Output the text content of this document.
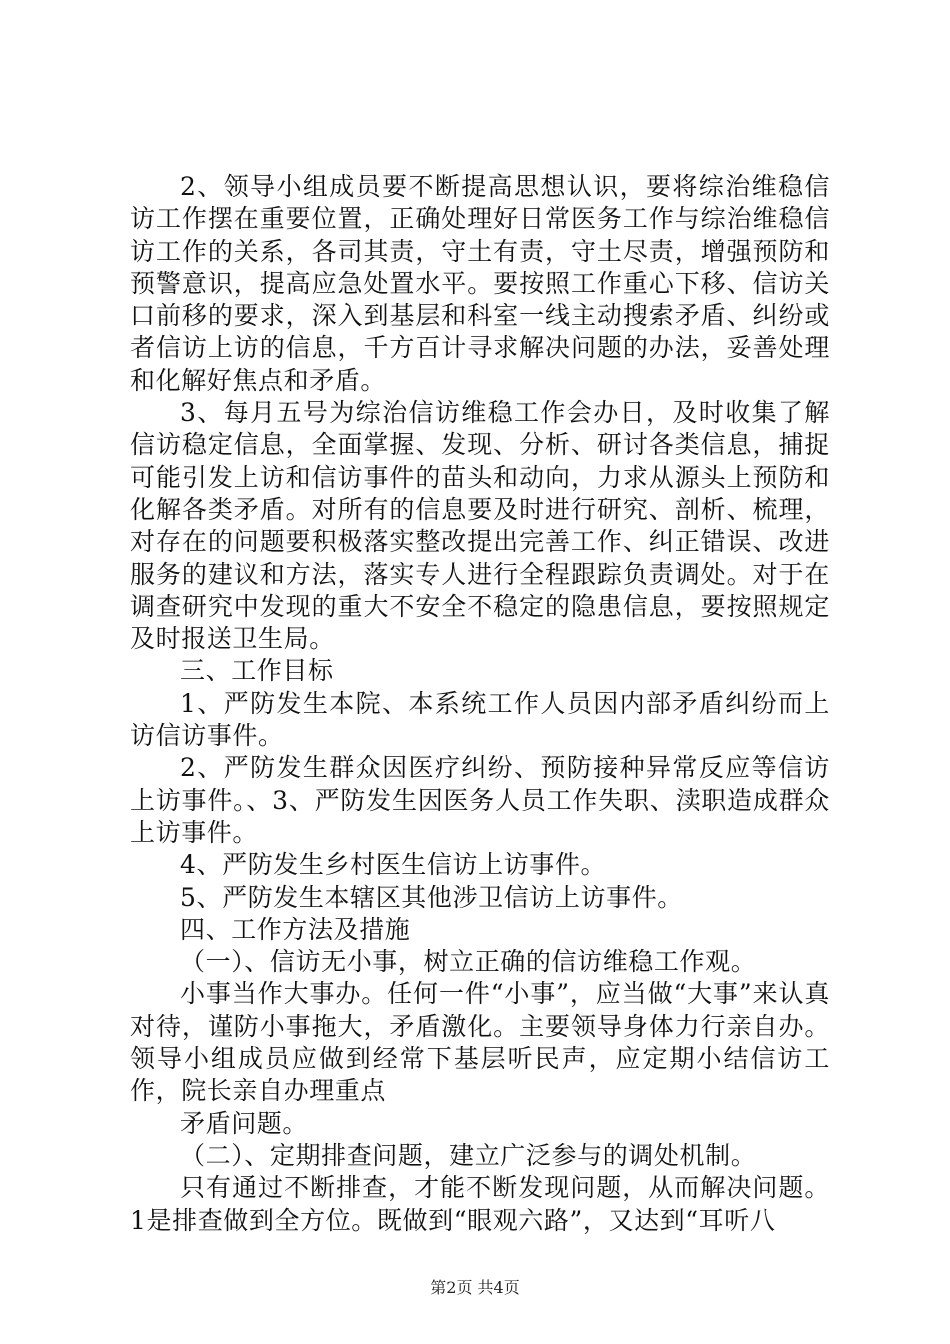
2、领导小组成员要不断提高思想认识，要将综治维稳信访工作摆在重要位置，正确处理好日常医务工作与综治维稳信访工作的关系，各司其责，守土有责，守土尽责，增强预防和预警意识，提高应急处置水平。要按照工作重心下移、信访关口前移的要求，深入到基层和科室一线主动搜索矛盾、纠纷或者信访上访的信息，千方百计寻求解决问题的办法，妥善处理和化解好焦点和矛盾。

3、每月五号为综治信访维稳工作会办日，及时收集了解信访稳定信息，全面掌握、发现、分析、研讨各类信息，捕捉可能引发上访和信访事件的苗头和动向，力求从源头上预防和化解各类矛盾。对所有的信息要及时进行研究、剖析、梳理，对存在的问题要积极落实整改提出完善工作、纠正错误、改进服务的建议和方法，落实专人进行全程跟踪负责调处。对于在调查研究中发现的重大不安全不稳定的隐患信息，要按照规定及时报送卫生局。

三、工作目标

1、严防发生本院、本系统工作人员因内部矛盾纠纷而上访信访事件。

2、严防发生群众因医疗纠纷、预防接种异常反应等信访上访事件。、3、严防发生因医务人员工作失职、渎职造成群众上访事件。

4、严防发生乡村医生信访上访事件。

5、严防发生本辖区其他涉卫信访上访事件。

四、工作方法及措施

（一）、信访无小事，树立正确的信访维稳工作观。

小事当作大事办。任何一件“小事”，应当做“大事”来认真对待，谨防小事拖大，矛盾激化。主要领导身体力行亲自办。领导小组成员应做到经常下基层听民声，应定期小结信访工作，院长亲自办理重点

矛盾问题。

（二）、定期排查问题，建立广泛参与的调处机制。

只有通过不断排查，才能不断发现问题，从而解决问题。1是排查做到全方位。既做到“眼观六路”，又达到“耳听八

第2页 共4页
